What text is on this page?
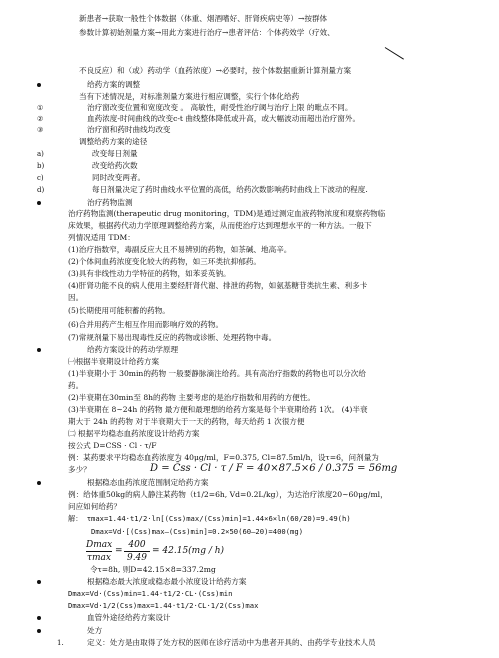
新患者→获取一般性个体数据（体重、烟酒嗜好、肝肾疾病史等）→按群体
参数计算初始剂量方案→用此方案进行治疗→患者评估：个体药效学（疗效、
不良反应）和（或）药动学（血药浓度）→必要时，按个体数据重新计算剂量方案
给药方案的调整
当有下述情况是，对标准剂量方案进行相应调整，实行个体化给药
①	治疗窗改变位置和宽度改变 。 高敏性，耐受性治疗阈与治疗上限 的毗点不同。
②	血药浓度-时间曲线的改变c-t 曲线整体降低或升高，或大幅波动而超出治疗窗外。
③	治疗窗和药时曲线均改变
调整给药方案的途径
a)	改变每日剂量
b)	改变给药次数
c)	同时改变两者。
d)	每日剂量决定了药时曲线水平位置的高低，给药次数影响药时曲线上下波动的程度.
治疗药物监测
治疗药物监测(therapeutic drug monitoring，TDM)是通过测定血液药物浓度和观察药物临
床效果，根据药代动力学原理调整给药方案，从而使治疗达到理想水平的一种方法。一般下
列情况适用 TDM：
(1)治疗指数窄，毒副反应大且不易辨别的药物，如茶碱、地高辛。
(2)个体间血药浓度变化较大的药物，如三环类抗抑郁药。
(3)具有非线性动力学特征的药物，如苯妥英钠。
(4)肝肾功能不良的病人使用主要经肝肾代谢、排泄的药物，如氨基糖苷类抗生素、利多卡
因。
(5)长期使用可能积蓄的药物。
(6)合并用药产生相互作用而影响疗效的药物。
(7)常规剂量下易出现毒性反应的药物或诊断、处理药物中毒。
给药方案设计的药动学原理
㈠根据半衰期设计给药方案
(1)半衰期小于 30min的药物 一般要静脉滴注给药。具有高治疗指数的药物也可以分次给
药。
(2)半衰期在30min至 8h的药物 主要考虑的是治疗指数和用药的方便性。
(3)半衰期在 8~24h 的药物 最方便和最理想的给药方案是每个半衰期给药 1次。 (4)半衰
期大于 24h 的药物 对于半衰期大于一天的药物，每天给药 1 次很方便
㈡ 根据平均稳态血药浓度设计给药方案
按公式 D=CSS · Cl · τ/F
例：某药要求平均稳态血药浓度为 40μg/ml，F=0.375, Cl=87.5ml/h，设τ=6，问剂量为
多少？	D = C̄ss · Cl · τ / F = 40×87.5×6 / 0.375 = 56mg
根据稳态血药浓度范围制定给药方案
例：给体重50kg的病人静注某药物（t1/2=6h, Vd=0.2L/kg），为达治疗浓度20~60μg/ml，
问应如何给药？
解： τmax=1.44·t1/2·ln[(Css)max/(Css)min]=1.44×6×ln(60/20)=9.49(h)
Dmax=Vd·[(Css)max—(Css)min]=0.2×50(60—20)=400(mg)
Dmax
τmax
=
400
9.49
= 42.15(mg / h)
令τ=8h, 则D=42.15×8=337.2mg
根据稳态最大浓度或稳态最小浓度设计给药方案
Dmax=Vd·(Css)min=1.44·t1/2·CL·(Css)min
Dmax=Vd·1/2(Css)max=1.44·t1/2·CL·1/2(Css)max
血管外途径给药方案设计
处方
1.	定义：处方是由取得了处方权的医师在诊疗活动中为患者开具的、由药学专业技术人员
